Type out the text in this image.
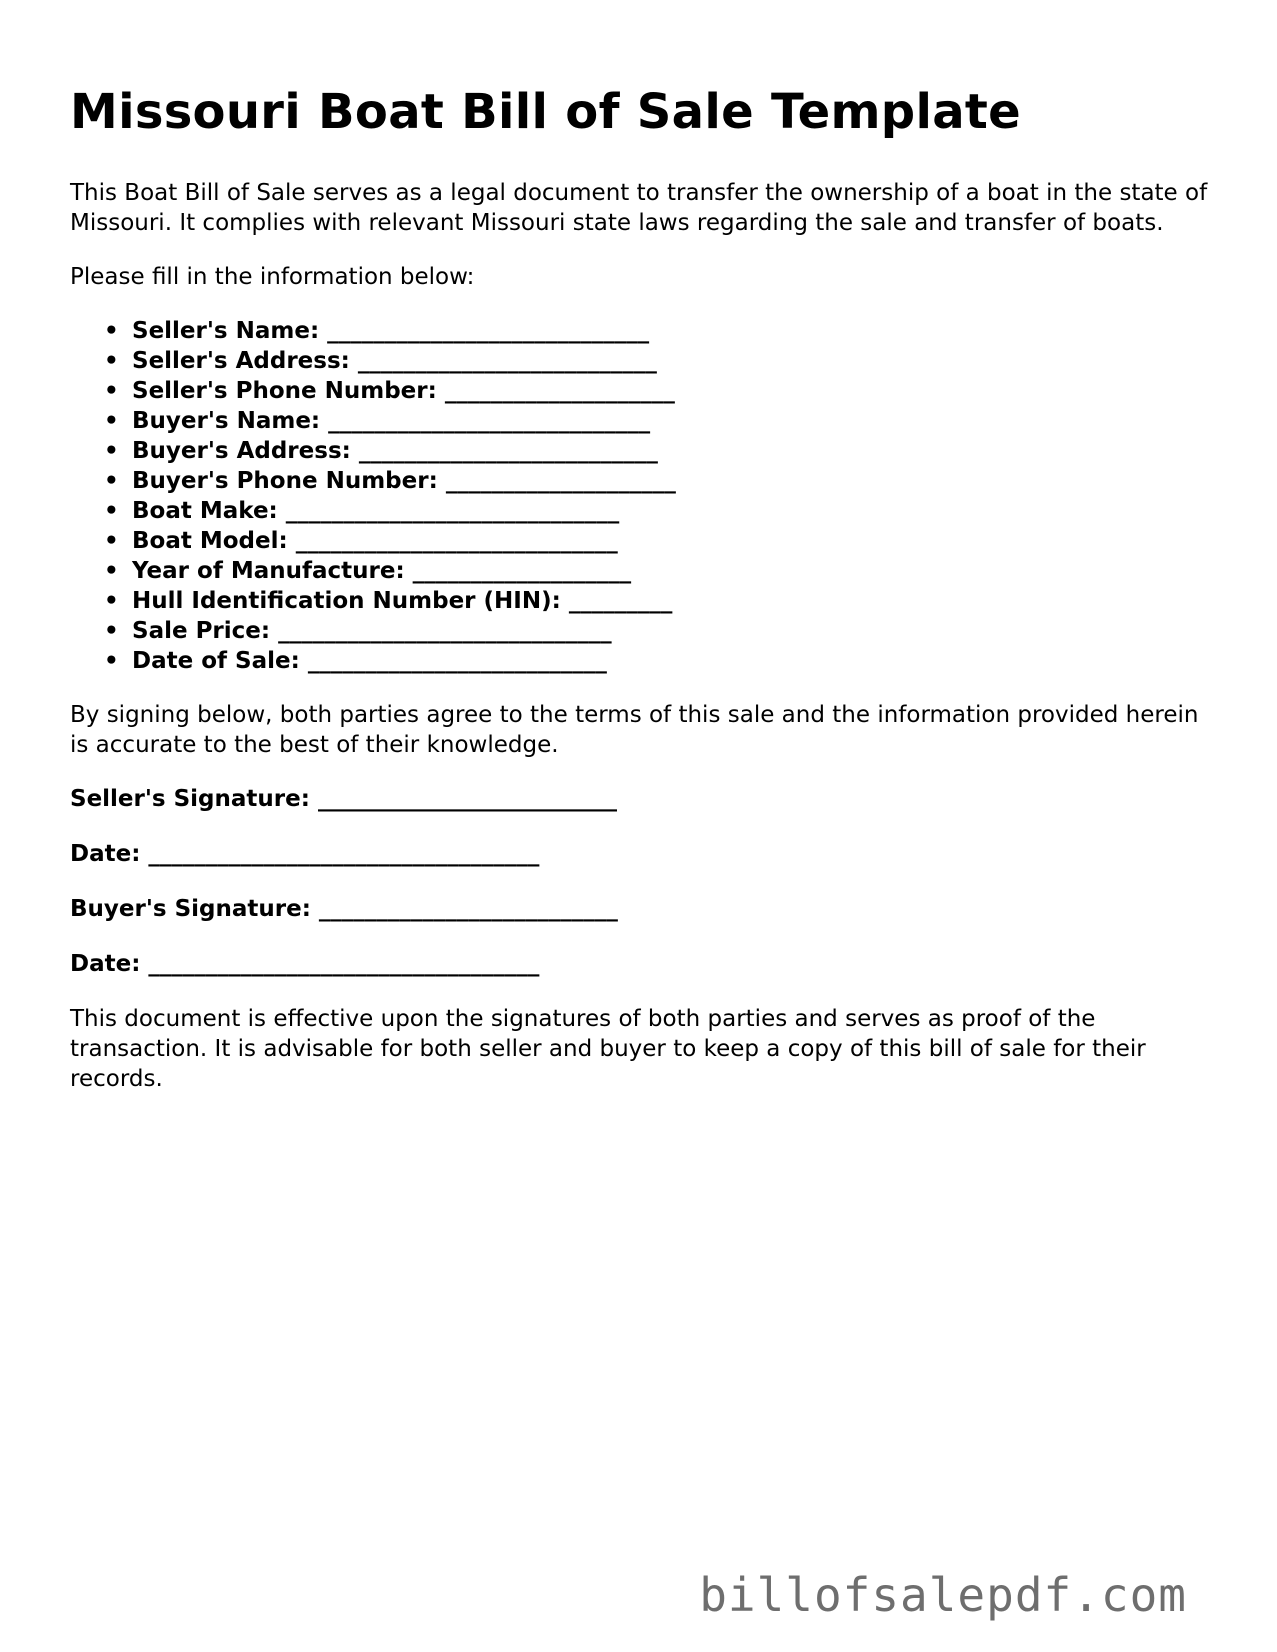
Missouri Boat Bill of Sale Template

This Boat Bill of Sale serves as a legal document to transfer the ownership of a boat in the state of Missouri. It complies with relevant Missouri state laws regarding the sale and transfer of boats.

Please fill in the information below:

• Seller's Name: ____________________________
• Seller's Address: __________________________
• Seller's Phone Number: ____________________
• Buyer's Name: ____________________________
• Buyer's Address: __________________________
• Buyer's Phone Number: ____________________
• Boat Make: _____________________________
• Boat Model: ____________________________
• Year of Manufacture: ___________________
• Hull Identification Number (HIN): _________
• Sale Price: _____________________________
• Date of Sale: __________________________

By signing below, both parties agree to the terms of this sale and the information provided herein is accurate to the best of their knowledge.

Seller's Signature: __________________________
Date: __________________________________
Buyer's Signature: __________________________
Date: __________________________________

This document is effective upon the signatures of both parties and serves as proof of the transaction. It is advisable for both seller and buyer to keep a copy of this bill of sale for their records.

billofsalepdf.com
